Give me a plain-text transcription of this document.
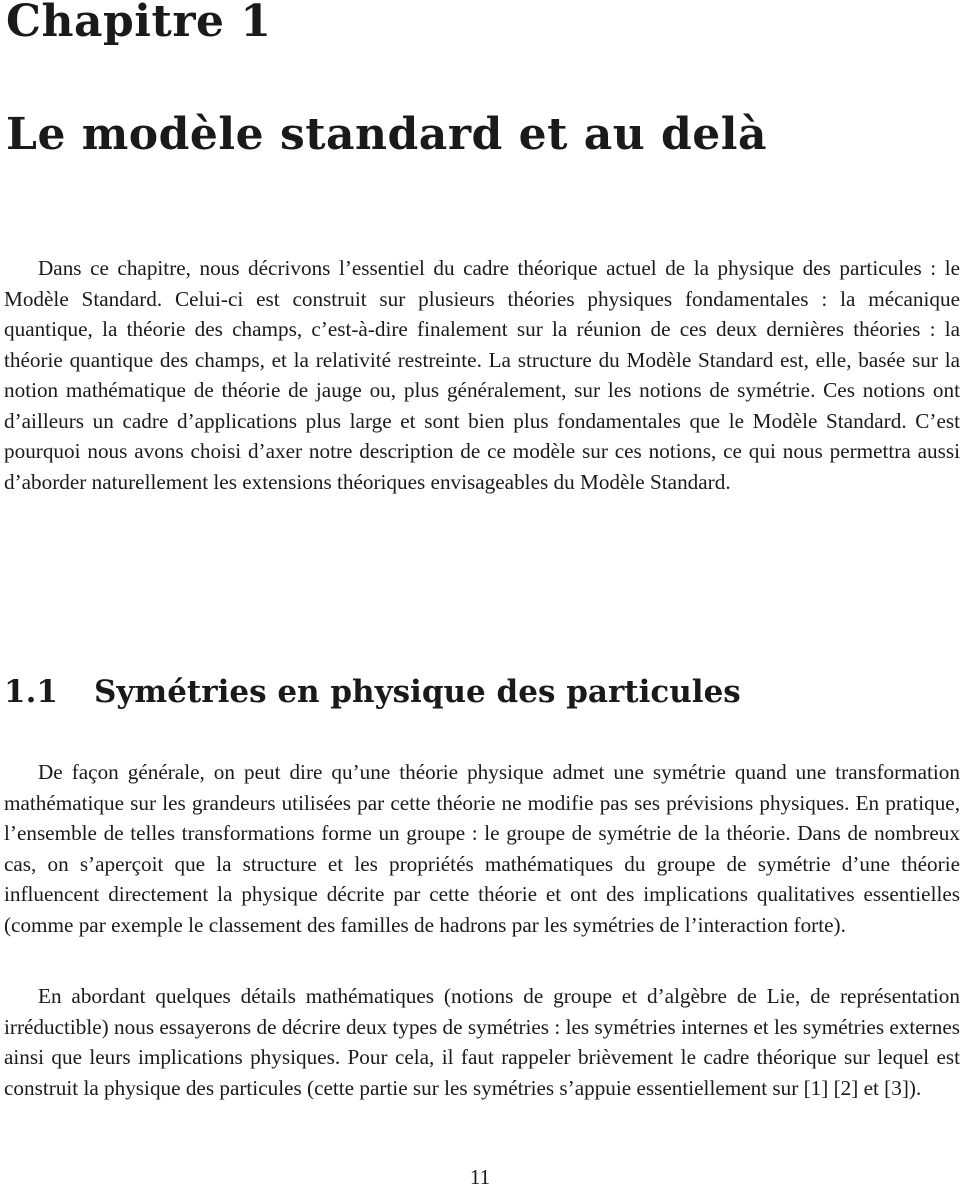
Chapitre 1
Le modèle standard et au delà

Dans ce chapitre, nous décrivons l’essentiel du cadre théorique actuel de la physique des particules : le Modèle Standard. Celui-ci est construit sur plusieurs théories physiques fondamentales : la mécanique quantique, la théorie des champs, c’est-à-dire finalement sur la réunion de ces deux dernières théories : la théorie quantique des champs, et la relativité restreinte. La structure du Modèle Standard est, elle, basée sur la notion mathématique de théorie de jauge ou, plus généralement, sur les notions de symétrie. Ces notions ont d’ailleurs un cadre d’applications plus large et sont bien plus fondamentales que le Modèle Standard. C’est pourquoi nous avons choisi d’axer notre description de ce modèle sur ces notions, ce qui nous permettra aussi d’aborder naturellement les extensions théoriques envisageables du Modèle Standard.

1.1 Symétries en physique des particules

De façon générale, on peut dire qu’une théorie physique admet une symétrie quand une transformation mathématique sur les grandeurs utilisées par cette théorie ne modifie pas ses prévisions physiques. En pratique, l’ensemble de telles transformations forme un groupe : le groupe de symétrie de la théorie. Dans de nombreux cas, on s’aperçoit que la structure et les propriétés mathématiques du groupe de symétrie d’une théorie influencent directement la physique décrite par cette théorie et ont des implications qualitatives essentielles (comme par exemple le classement des familles de hadrons par les symétries de l’interaction forte).

En abordant quelques détails mathématiques (notions de groupe et d’algèbre de Lie, de représentation irréductible) nous essayerons de décrire deux types de symétries : les symétries internes et les symétries externes ainsi que leurs implications physiques. Pour cela, il faut rappeler brièvement le cadre théorique sur lequel est construit la physique des particules (cette partie sur les symétries s’appuie essentiellement sur [1] [2] et [3]).

11
